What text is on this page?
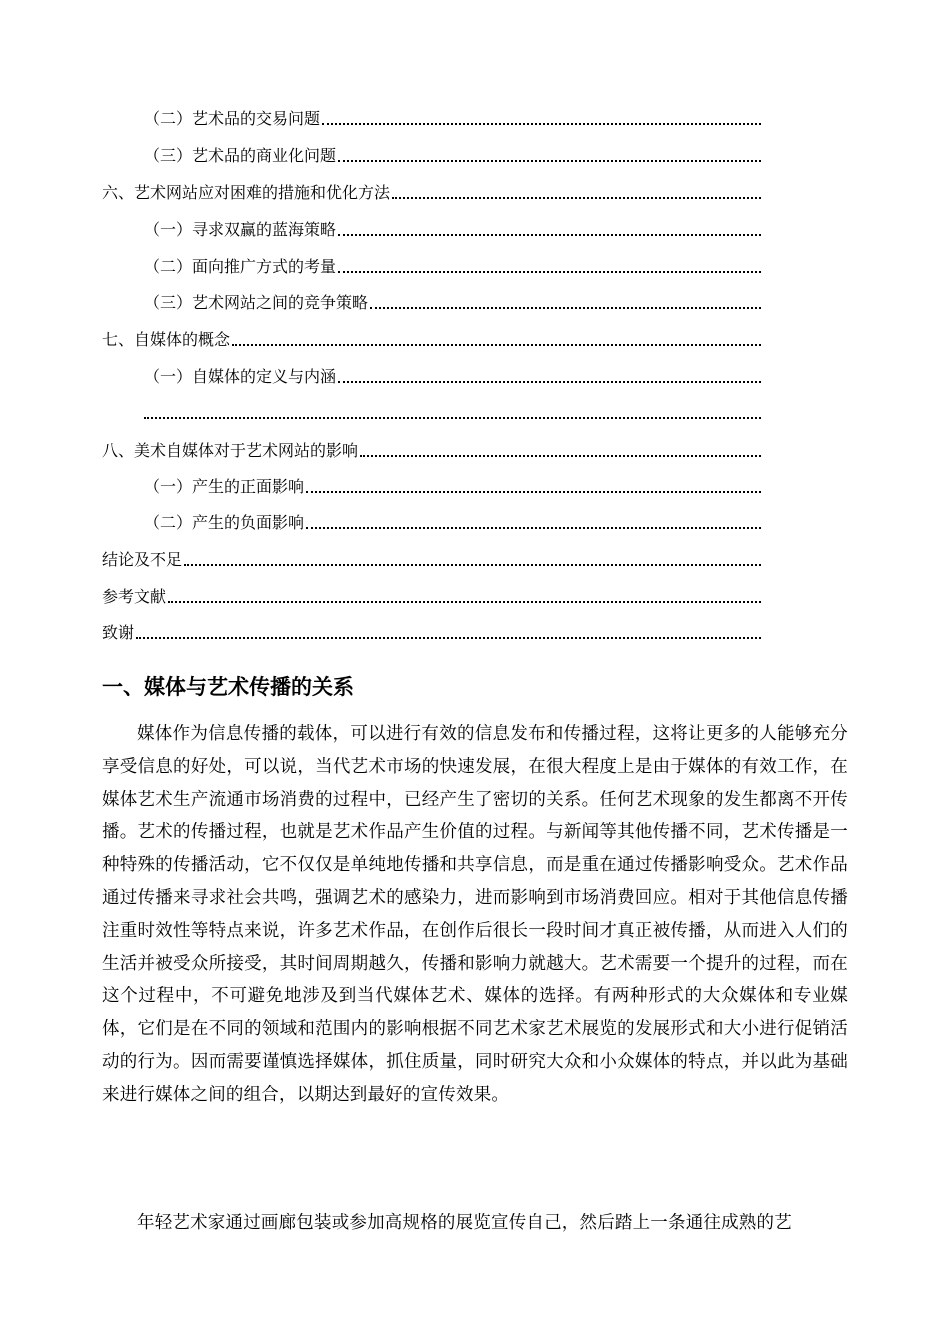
（二）艺术品的交易问题
（三）艺术品的商业化问题
六、艺术网站应对困难的措施和优化方法
（一）寻求双赢的蓝海策略
（二）面向推广方式的考量
（三）艺术网站之间的竞争策略
七、自媒体的概念
（一）自媒体的定义与内涵
八、美术自媒体对于艺术网站的影响
（一）产生的正面影响
（二）产生的负面影响
结论及不足
参考文献
致谢
一、媒体与艺术传播的关系

媒体作为信息传播的载体，可以进行有效的信息发布和传播过程，这将让更多的人能够充分享受信息的好处，可以说，当代艺术市场的快速发展，在很大程度上是由于媒体的有效工作，在媒体艺术生产流通市场消费的过程中，已经产生了密切的关系。任何艺术现象的发生都离不开传播。艺术的传播过程，也就是艺术作品产生价值的过程。与新闻等其他传播不同，艺术传播是一种特殊的传播活动，它不仅仅是单纯地传播和共享信息，而是重在通过传播影响受众。艺术作品通过传播来寻求社会共鸣，强调艺术的感染力，进而影响到市场消费回应。相对于其他信息传播注重时效性等特点来说，许多艺术作品，在创作后很长一段时间才真正被传播，从而进入人们的生活并被受众所接受，其时间周期越久，传播和影响力就越大。艺术需要一个提升的过程，而在这个过程中，不可避免地涉及到当代媒体艺术、媒体的选择。有两种形式的大众媒体和专业媒体，它们是在不同的领域和范围内的影响根据不同艺术家艺术展览的发展形式和大小进行促销活动的行为。因而需要谨慎选择媒体，抓住质量，同时研究大众和小众媒体的特点，并以此为基础来进行媒体之间的组合，以期达到最好的宣传效果。

年轻艺术家通过画廊包装或参加高规格的展览宣传自己，然后踏上一条通往成熟的艺
